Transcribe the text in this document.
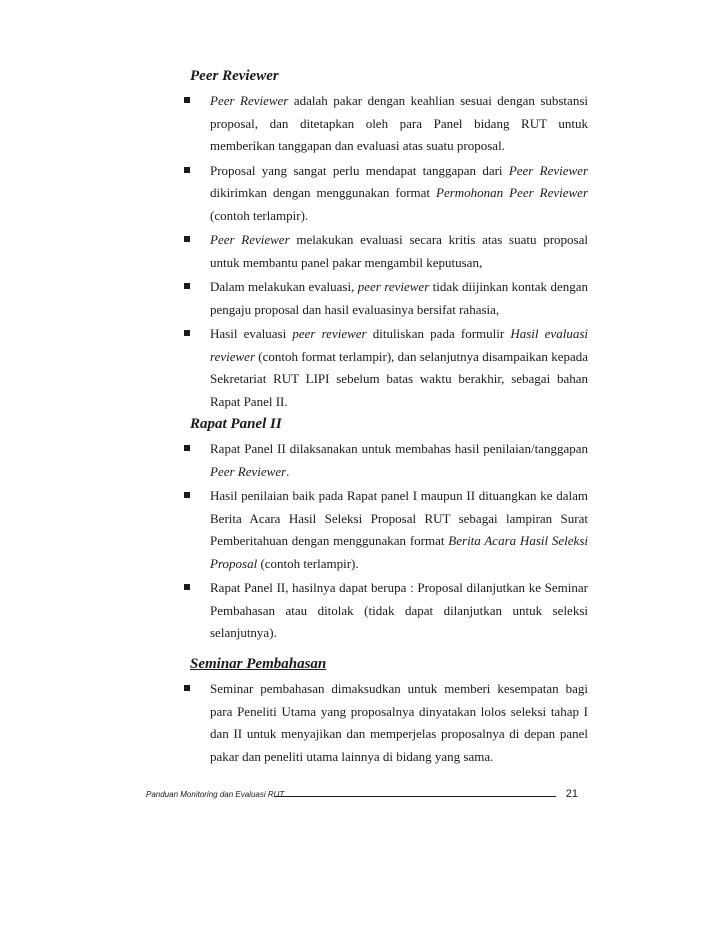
Peer Reviewer
Peer Reviewer adalah pakar dengan keahlian sesuai dengan substansi proposal, dan ditetapkan oleh para Panel bidang RUT untuk memberikan tanggapan dan evaluasi atas suatu proposal.
Proposal yang sangat perlu mendapat tanggapan dari Peer Reviewer dikirimkan dengan menggunakan format Permohonan Peer Reviewer (contoh terlampir).
Peer Reviewer melakukan evaluasi secara kritis atas suatu proposal untuk membantu panel pakar mengambil keputusan,
Dalam melakukan evaluasi, peer reviewer tidak diijinkan kontak dengan pengaju proposal dan hasil evaluasinya bersifat rahasia,
Hasil evaluasi peer reviewer dituliskan pada formulir Hasil evaluasi reviewer (contoh format terlampir), dan selanjutnya disampaikan kepada Sekretariat RUT LIPI sebelum batas waktu berakhir, sebagai bahan Rapat Panel II.
Rapat Panel II
Rapat Panel II dilaksanakan untuk membahas hasil penilaian/tanggapan Peer Reviewer.
Hasil penilaian baik pada Rapat panel I maupun II dituangkan ke dalam Berita Acara Hasil Seleksi Proposal RUT sebagai lampiran Surat Pemberitahuan dengan menggunakan format Berita Acara Hasil Seleksi Proposal (contoh terlampir).
Rapat Panel II, hasilnya dapat berupa : Proposal dilanjutkan ke Seminar Pembahasan atau ditolak (tidak dapat dilanjutkan untuk seleksi selanjutnya).
Seminar Pembahasan
Seminar pembahasan dimaksudkan untuk memberi kesempatan bagi para Peneliti Utama yang proposalnya dinyatakan lolos seleksi tahap I dan II untuk menyajikan dan memperjelas proposalnya di depan panel pakar dan peneliti utama lainnya di bidang yang sama.
Panduan Monitoring dan Evaluasi RUT	21
